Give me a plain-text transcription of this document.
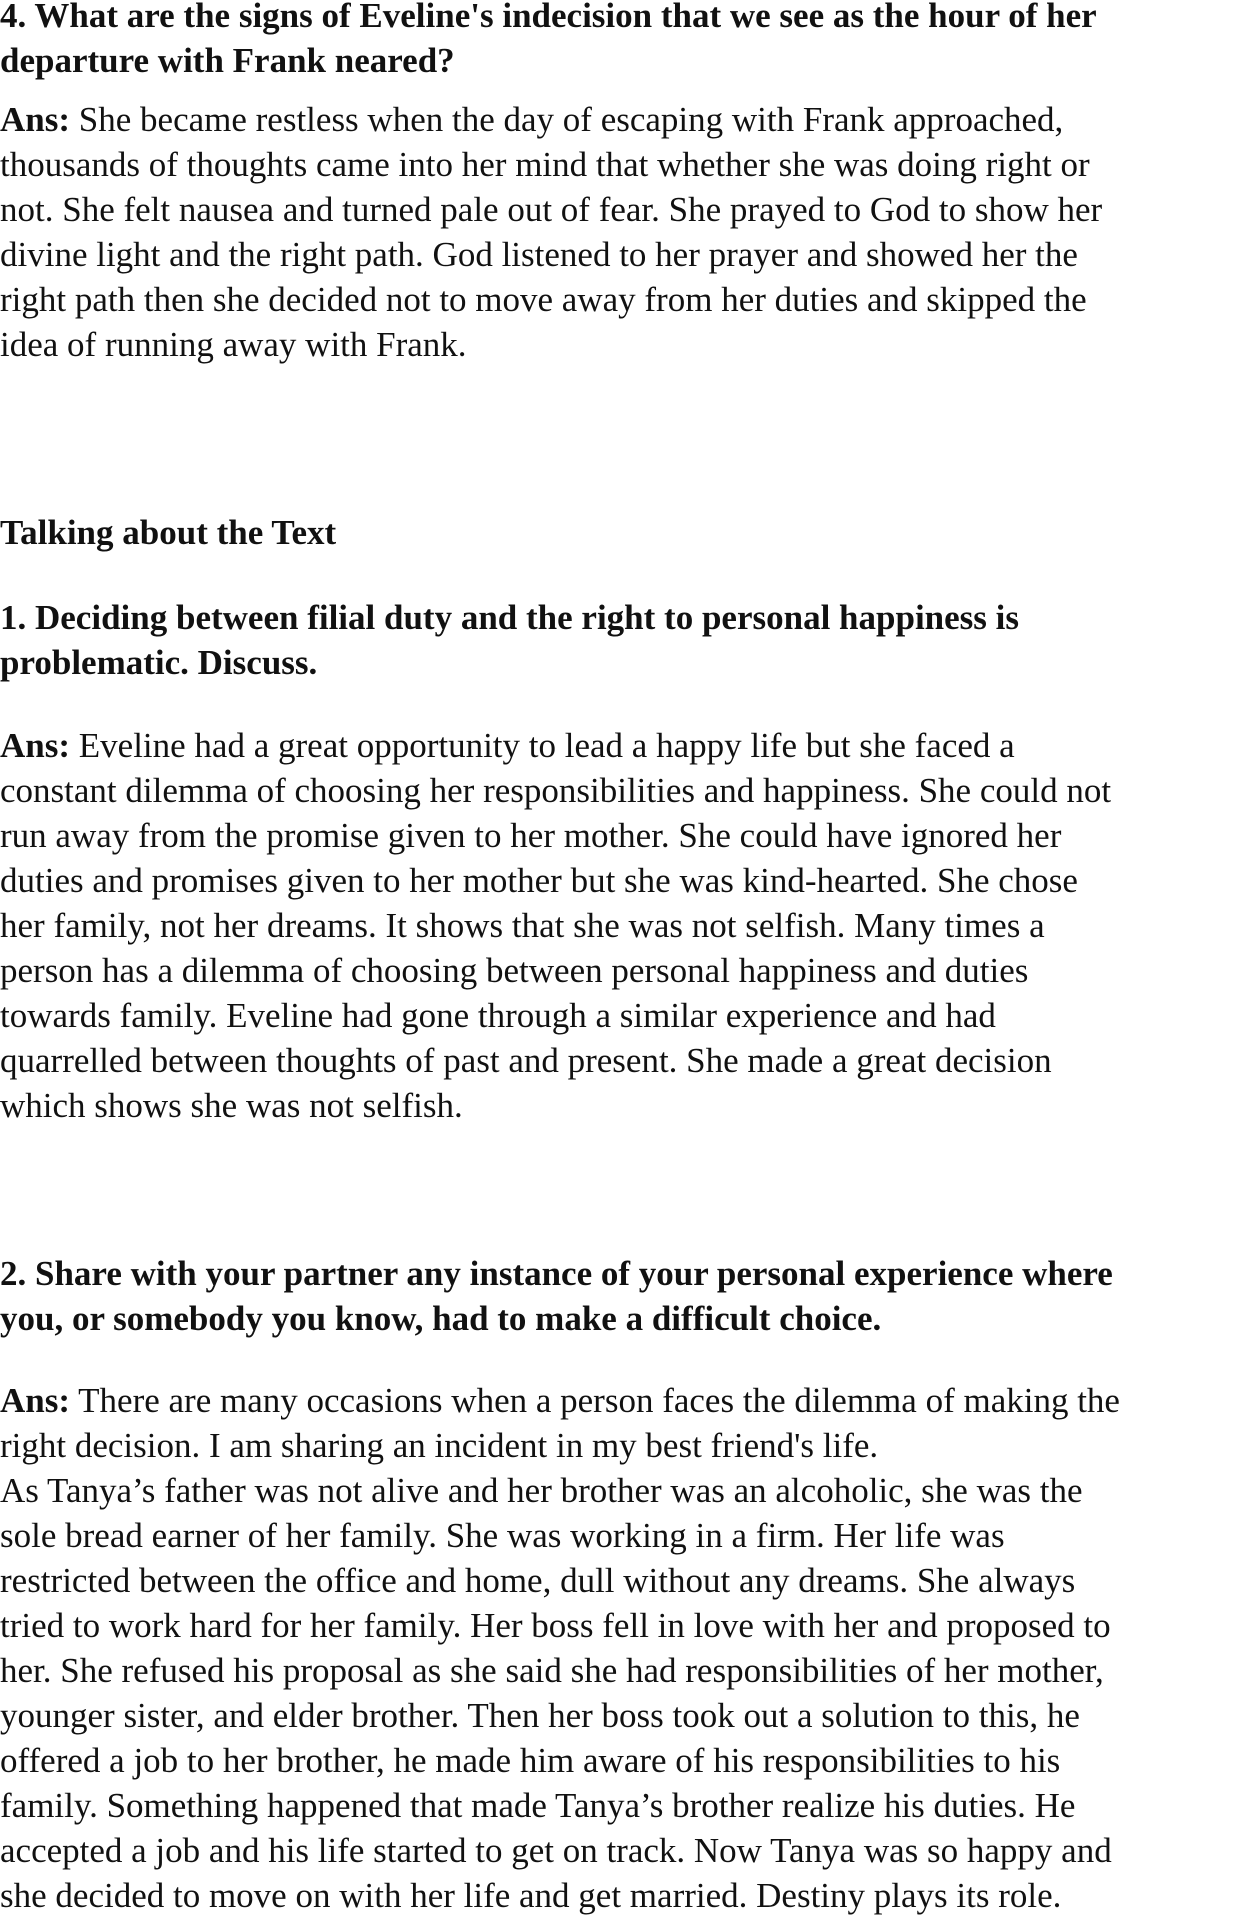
4. What are the signs of Eveline's indecision that we see as the hour of her
departure with Frank neared?
Ans: She became restless when the day of escaping with Frank approached,
thousands of thoughts came into her mind that whether she was doing right or
not. She felt nausea and turned pale out of fear. She prayed to God to show her
divine light and the right path. God listened to her prayer and showed her the
right path then she decided not to move away from her duties and skipped the
idea of running away with Frank.
Talking about the Text
1. Deciding between filial duty and the right to personal happiness is
problematic. Discuss.
Ans: Eveline had a great opportunity to lead a happy life but she faced a
constant dilemma of choosing her responsibilities and happiness. She could not
run away from the promise given to her mother. She could have ignored her
duties and promises given to her mother but she was kind-hearted. She chose
her family, not her dreams. It shows that she was not selfish. Many times a
person has a dilemma of choosing between personal happiness and duties
towards family. Eveline had gone through a similar experience and had
quarrelled between thoughts of past and present. She made a great decision
which shows she was not selfish.
2. Share with your partner any instance of your personal experience where
you, or somebody you know, had to make a difficult choice.
Ans: There are many occasions when a person faces the dilemma of making the
right decision. I am sharing an incident in my best friend's life.
As Tanya’s father was not alive and her brother was an alcoholic, she was the
sole bread earner of her family. She was working in a firm. Her life was
restricted between the office and home, dull without any dreams. She always
tried to work hard for her family. Her boss fell in love with her and proposed to
her. She refused his proposal as she said she had responsibilities of her mother,
younger sister, and elder brother. Then her boss took out a solution to this, he
offered a job to her brother, he made him aware of his responsibilities to his
family. Something happened that made Tanya’s brother realize his duties. He
accepted a job and his life started to get on track. Now Tanya was so happy and
she decided to move on with her life and get married. Destiny plays its role.
